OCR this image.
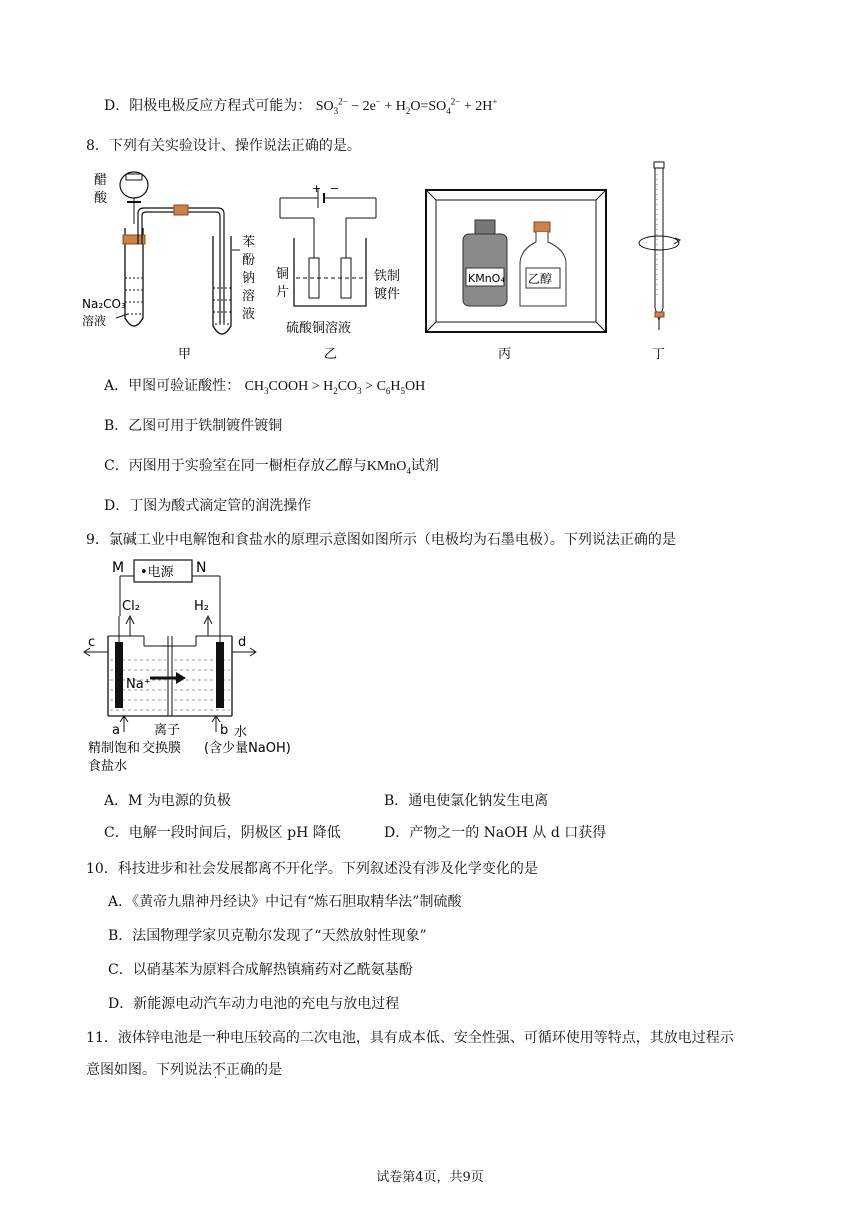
D．阳极电极反应方程式可能为： $SO_3^{2-} - 2e^- + H_2O=SO_4^{2-} + 2H^+$
8．下列有关实验设计、操作说法正确的是。
醋
酸
苯
酚
钠
溶
液
Na₂CO₃
溶液
甲
+ −
铜
片
铁制
镀件
硫酸铜溶液
乙
KMnO₄ 乙醇
丙	丁
A．甲图可验证酸性： $CH_3COOH > H_2CO_3 > C_6H_5OH$
B．乙图可用于铁制镀件镀铜
C．丙图用于实验室在同一橱柜存放乙醇与KMnO$_4$试剂
D．丁图为酸式滴定管的润洗操作
9．氯碱工业中电解饱和食盐水的原理示意图如图所示（电极均为石墨电极）。下列说法正确的是
M	N
•电源
Cl₂	H₂
c	d
Na⁺
a	b
离子
交换膜
精制饱和
食盐水
水
(含少量NaOH)
A．M 为电源的负极	B．通电使氯化钠发生电离
C．电解一段时间后，阴极区 pH 降低	D．产物之一的 NaOH 从 d 口获得
10．科技进步和社会发展都离不开化学。下列叙述没有涉及化学变化的是
A．《黄帝九鼎神丹经诀》中记有“炼石胆取精华法”制硫酸
B．法国物理学家贝克勒尔发现了“天然放射性现象”
C．以硝基苯为原料合成解热镇痛药对乙酰氨基酚
D．新能源电动汽车动力电池的充电与放电过程
11．液体锌电池是一种电压较高的二次电池，具有成本低、安全性强、可循环使用等特点，其放电过程示
意图如图。下列说法不正确 · ·的是
试卷第4页，共9页
